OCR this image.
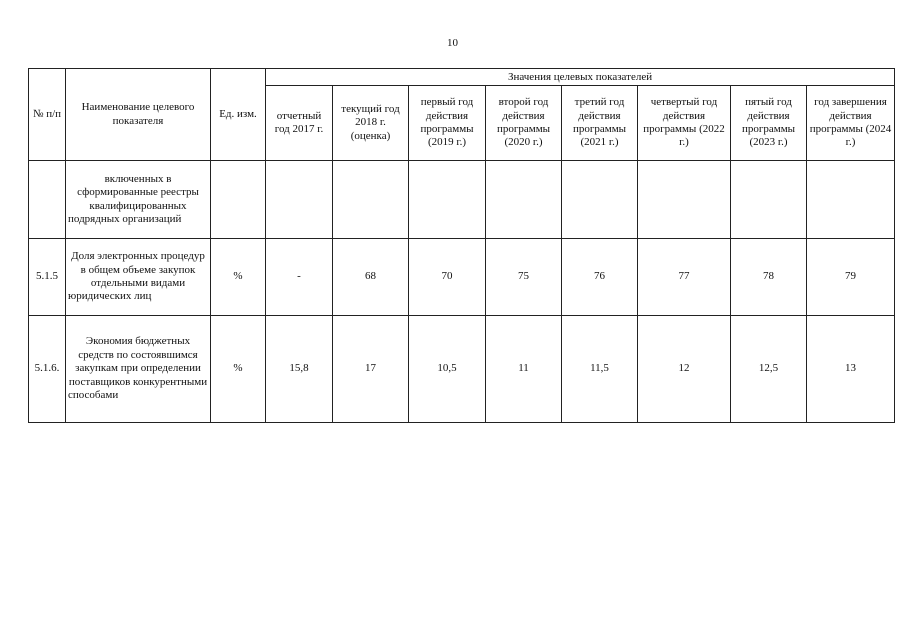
10
№ п/п	Наименование целевого показателя	Ед. изм.	Значения целевых показателей							
			отчетный год 2017 г.	текущий год 2018 г. (оценка)	первый год действия программы (2019 г.)	второй год действия программы (2020 г.)	третий год действия программы (2021 г.)	четвертый год действия программы (2022 г.)	пятый год действия программы (2023 г.)	год завершения действия программы (2024 г.)
	включенных в сформированные реестры квалифицированных подрядных организаций									
5.1.5	Доля электронных процедур в общем объеме закупок отдельными видами юридических лиц	%	-	68	70	75	76	77	78	79
5.1.6.	Экономия бюджетных средств по состоявшимся закупкам при определении поставщиков конкурентными способами	%	15,8	17	10,5	11	11,5	12	12,5	13
